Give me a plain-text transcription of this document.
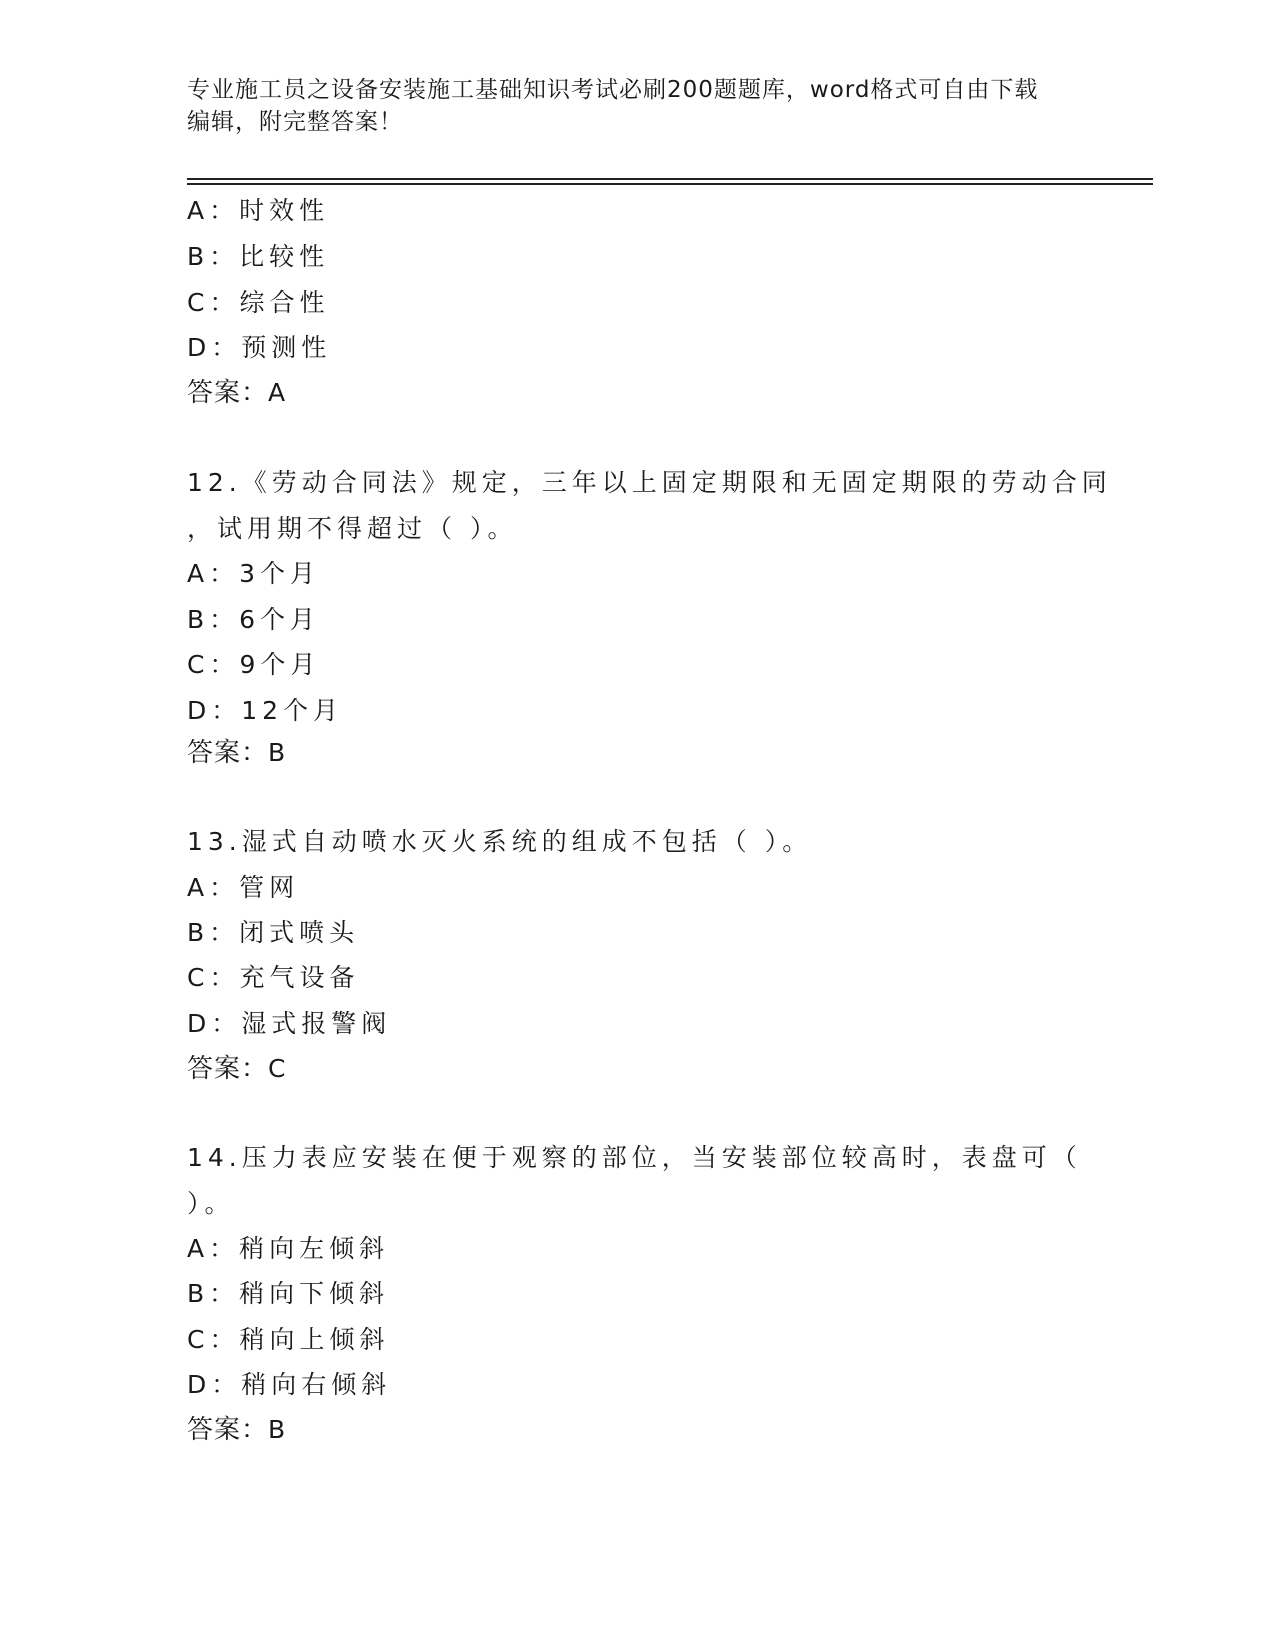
专业施工员之设备安装施工基础知识考试必刷200题题库，word格式可自由下载
编辑，附完整答案！
A：时效性
B：比较性
C：综合性
D：预测性
答案：A
12.《劳动合同法》规定，三年以上固定期限和无固定期限的劳动合同
，试用期不得超过（ ）。
A：3个月
B：6个月
C：9个月
D：12个月
答案：B
13.湿式自动喷水灭火系统的组成不包括（ ）。
A：管网
B：闭式喷头
C：充气设备
D：湿式报警阀
答案：C
14.压力表应安装在便于观察的部位，当安装部位较高时，表盘可（
）。
A：稍向左倾斜
B：稍向下倾斜
C：稍向上倾斜
D：稍向右倾斜
答案：B
